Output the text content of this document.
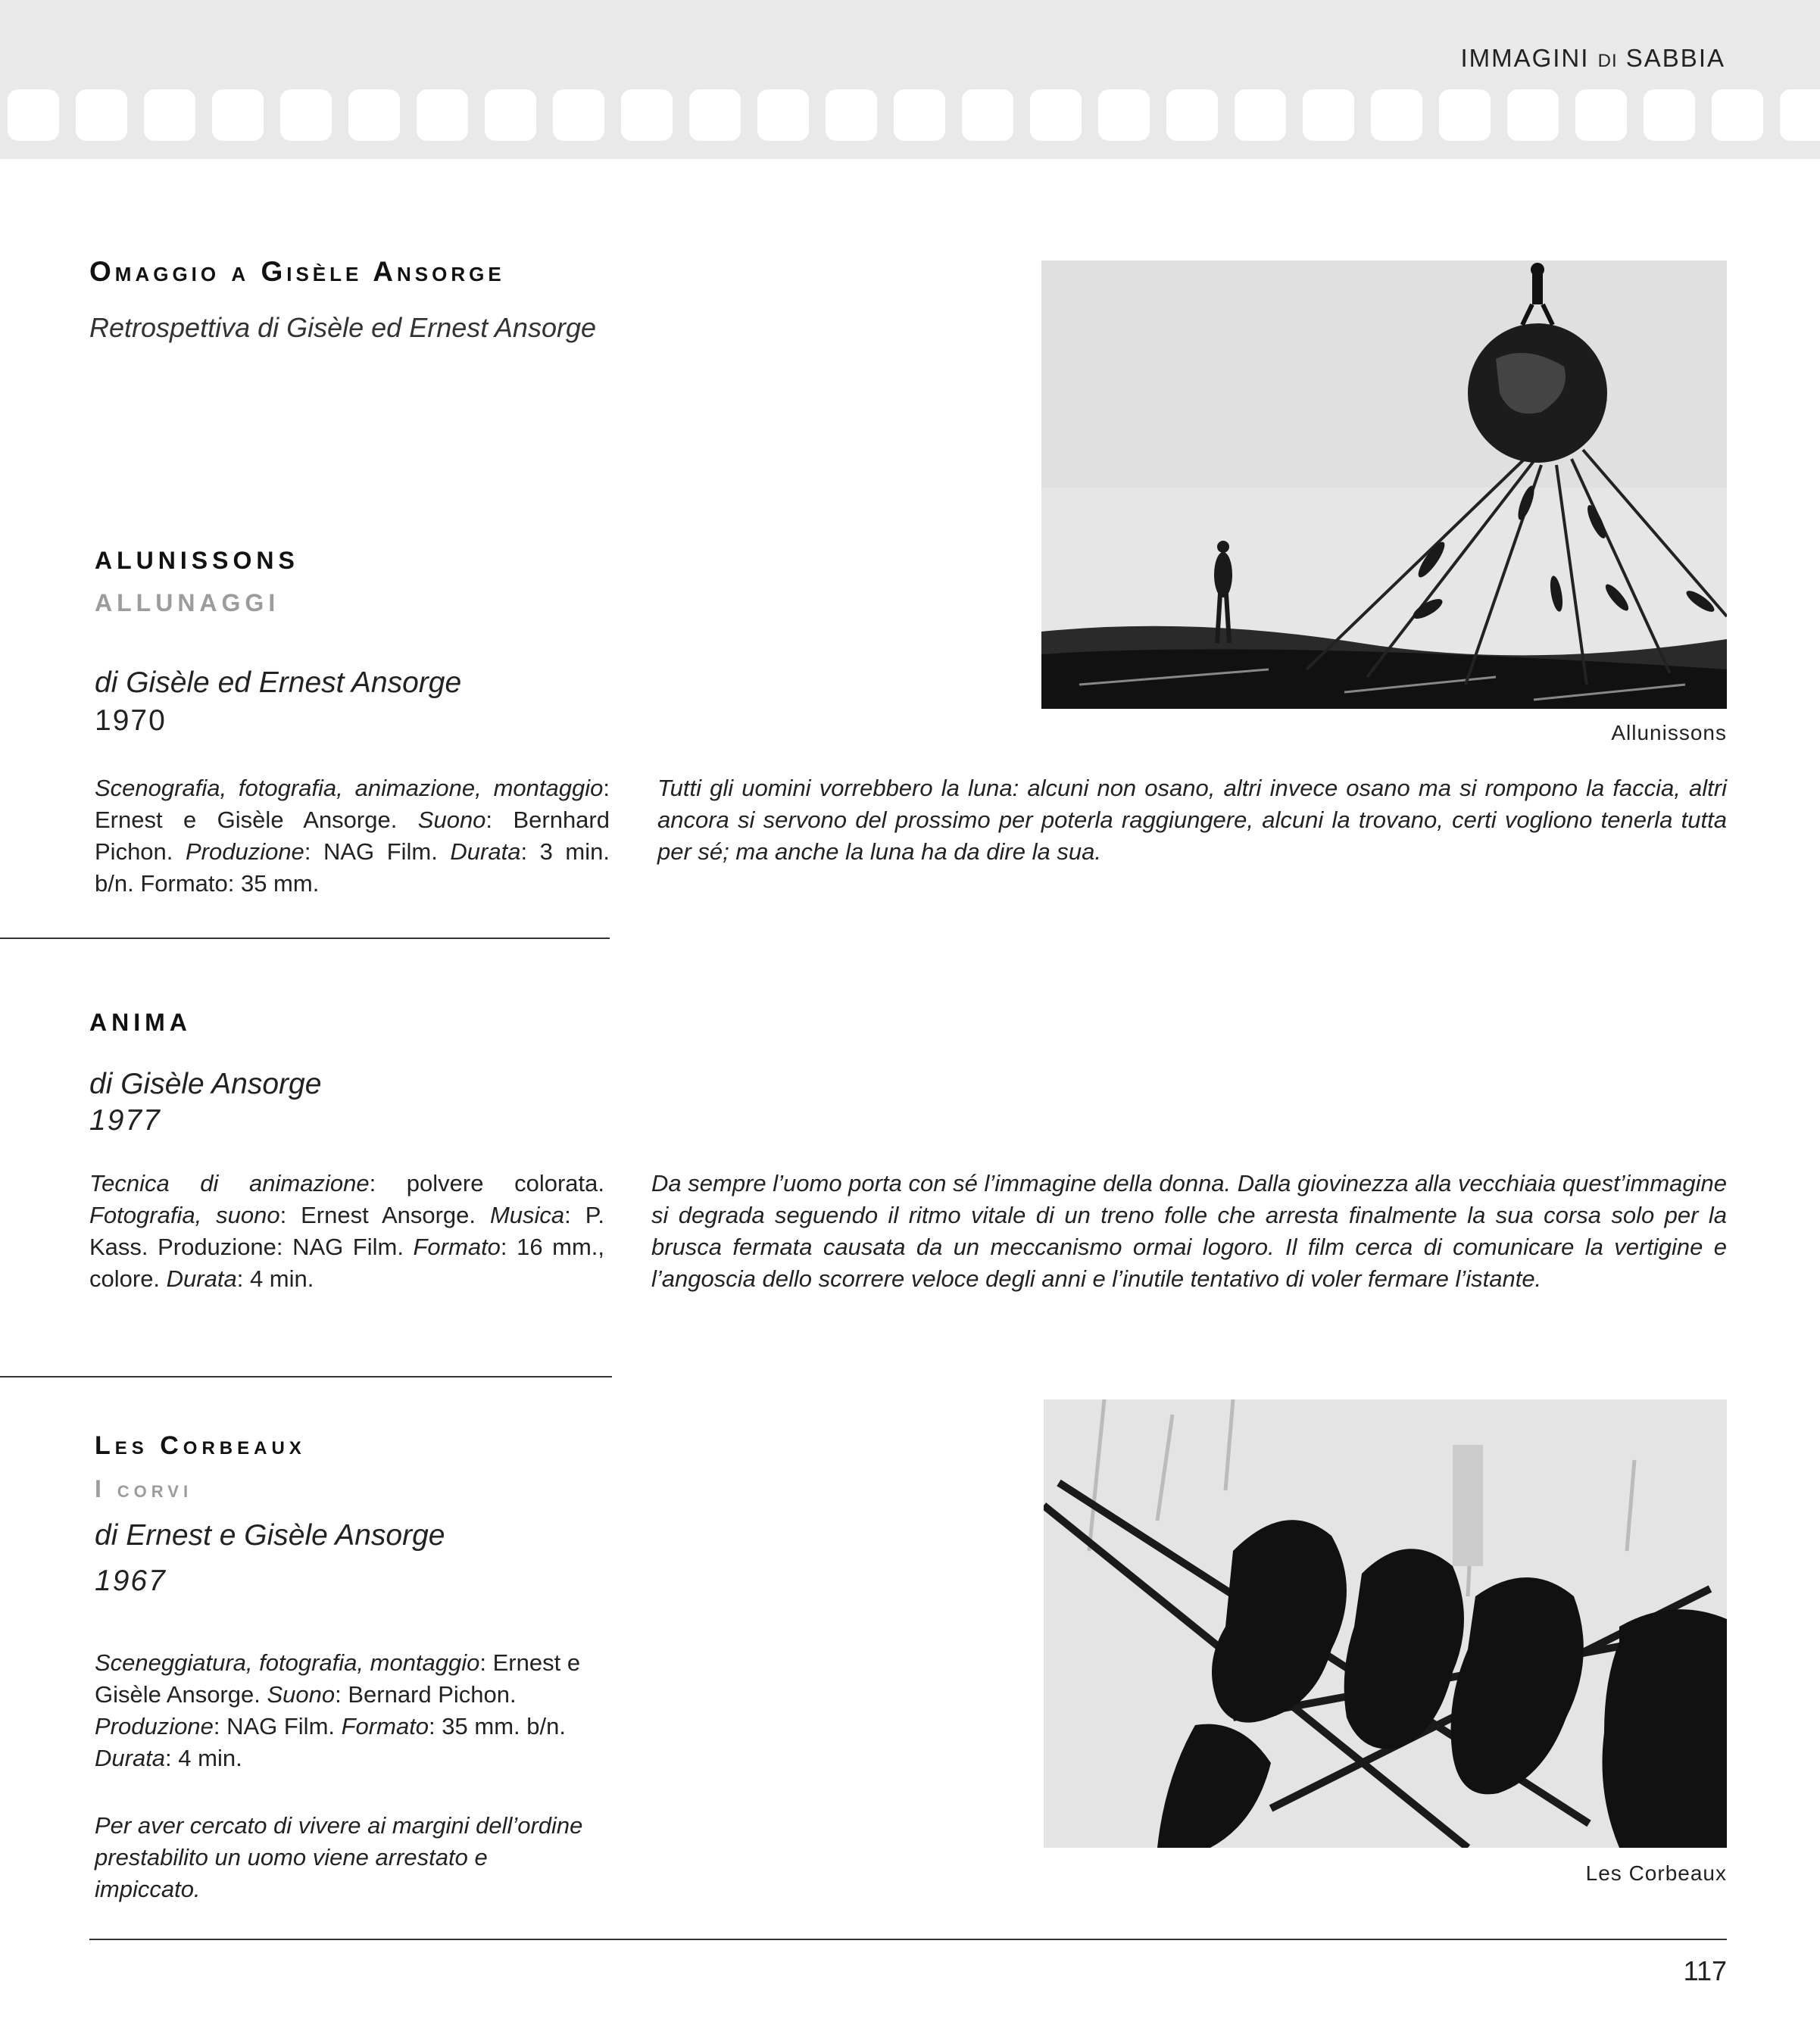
IMMAGINI DI SABBIA
Omaggio a Gisèle Ansorge
Retrospettiva di Gisèle ed Ernest Ansorge
ALUNISSONS
ALLUNAGGI
di Gisèle ed Ernest Ansorge
1970
Scenografia, fotografia, animazione, montaggio: Ernest e Gisèle Ansorge. Suono: Bernhard Pichon. Produzione: NAG Film. Durata: 3 min. b/n. Formato: 35 mm.
Tutti gli uomini vorrebbero la luna: alcuni non osano, altri invece osano ma si rompono la faccia, altri ancora si servono del prossimo per poterla raggiungere, alcuni la trovano, certi vogliono tenerla tutta per sé; ma anche la luna ha da dire la sua.
Allunissons
ANIMA
di Gisèle Ansorge
1977
Tecnica di animazione: polvere colorata. Fotografia, suono: Ernest Ansorge. Musica: P. Kass. Produzione: NAG Film. Formato: 16 mm., colore. Durata: 4 min.
Da sempre l’uomo porta con sé l’immagine della donna. Dalla giovinezza alla vecchiaia quest’immagine si degrada seguendo il ritmo vitale di un treno folle che arresta finalmente la sua corsa solo per la brusca fermata causata da un meccanismo ormai logoro. Il film cerca di comunicare la vertigine e l’angoscia dello scorrere veloce degli anni e l’inutile tentativo di voler fermare l’istante.
Les Corbeaux
I corvi
di Ernest e Gisèle Ansorge
1967
Sceneggiatura, fotografia, montaggio: Ernest e Gisèle Ansorge. Suono: Bernard Pichon. Produzione: NAG Film. Formato: 35 mm. b/n. Durata: 4 min.
Per aver cercato di vivere ai margini dell’ordine prestabilito un uomo viene arrestato e impiccato.
Les Corbeaux
117
